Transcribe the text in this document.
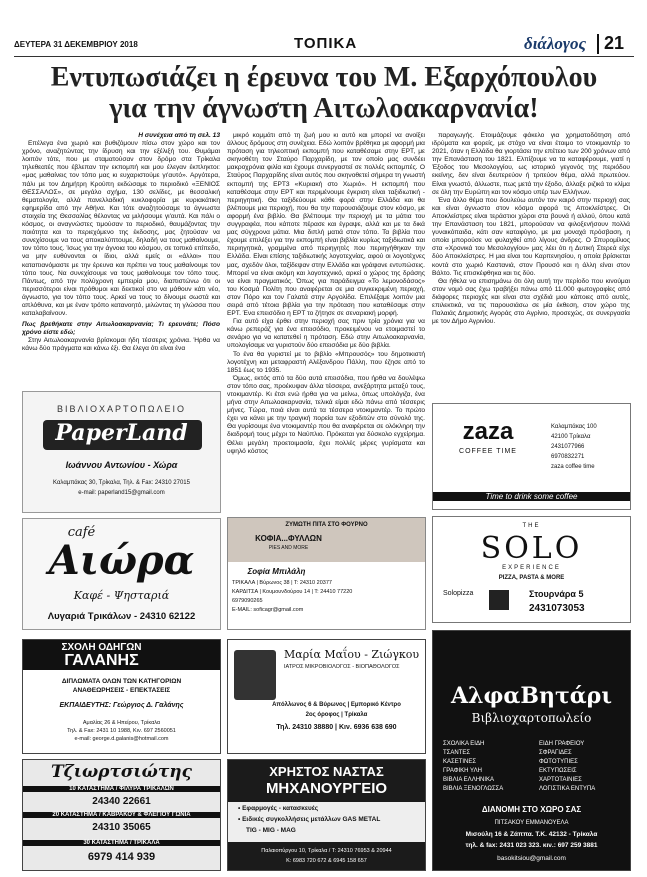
ΔΕΥΤΕΡΑ 31 ΔΕΚΕΜΒΡΙΟΥ 2018	ΤΟΠΙΚΑ	διάλογος 21
Εντυπωσιάζει η έρευνα του Μ. Εξαρχόπουλου
για την άγνωστη Αιτωλοακαρνανία!

Η συνέχεια από τη σελ. 13

Επέλεγα ένα χωριό και βυθιζόμουν πίσω στον χώρο και τον χρόνο, αναζητώντας την ίδρυση και την εξέλιξή του. Θυμάμαι λοιπόν τότε, που με σταματούσαν στον δρόμο στα Τρίκαλα τηλεθεατές που έβλεπαν την εκπομπή και μου έλεγαν έκπληκτοι: «μας μαθαίνεις τον τόπο μας κι ευχαριστούμε γι'αυτό». Αργότερα, πάλι με τον Δημήτρη Κρούπη εκδώσαμε το περιοδικό «ΞΕΝΙΟΣ ΘΕΣΣΑΛΟΣ», σε μεγάλο σχήμα, 130 σελίδες, με θεσσαλική θεματολογία, αλλά πανελλαδική κυκλοφορία με κυριακάτικη εφημερίδα από την Αθήνα. Και τότε αναζητούσαμε τα άγνωστα στοιχεία της Θεσσαλίας θέλοντας να μιλήσουμε γι'αυτά. Και πάλι ο κόσμος, οι αναγνώστες τιμούσαν το περιοδικό, θαυμάζοντας την ποιότητα και το περιεχόμενο της έκδοσης, μας ζητούσαν να συνεχίσουμε να τους αποκαλύπτουμε, δηλαδή να τους μαθαίνουμε, τον τόπο τους. Ίσως για την άγνοια του κόσμου, σε τοπικό επίπεδο, να μην ευθύνονται οι ίδιοι, αλλά εμείς οι «άλλοι» που καταπιανόμαστε με την έρευνα και πρέπει να τους μαθαίνουμε τον τόπο τους. Να συνεχίσουμε να τους μαθαίνουμε τον τόπο τους. Πάντως, από την πολύχρονη εμπειρία μου, διαπιστώνω ότι οι περισσότεροι είναι πρόθυμοι και δεκτικοί στο να μάθουν κάτι νέο, άγνωστο, για τον τόπο τους. Αρκεί να τους το δίνουμε σωστά και απλόθυνα, και με έναν τρόπο κατανοητό, μιλώντας τη γλώσσα που καταλαβαίνουν.

Πως βρεθήκατε στην Αιτωλοακαρνανία; Τι ερευνάτε; Πόσο χρόνο είστε εδώ;

Στην Αιτωλοακαρνανία βρίσκομαι ήδη τέσσερις χρόνια. Ήρθα να κάνω δύο πράγματα και κάνω έξι. Θα έλεγα ότι είναι ένα

μικρό κομμάτι από τη ζωή μου κι αυτό και μπορεί να ανοίξει άλλους δρόμους στη συνέχεια. Εδώ λοιπόν βρέθηκα με αφορμή μια πρόταση για τηλεοπτική εκπομπή που καταθέσαμε στην ΕΡΤ, με σκηνοθέτη τον Σταύρο Παρχαρίδη, με τον οποίο μας συνδέει μακροχρόνια φιλία και έχουμε συνεργαστεί σε πολλές εκπομπές. Ο Σταύρος Παρχαρίδης είναι αυτός που σκηνοθετεί σήμερα τη γνωστή εκπομπή της ΕΡΤ3 «Κυριακή στο Χωριό». Η εκπομπή που καταθέσαμε στην ΕΡΤ και περιμένουμε έγκριση είναι ταξιδιωτική - περιηγητική. Θα ταξιδεύουμε κάθε φορά στην Ελλάδα και θα βλέπουμε μια περιοχή, που θα την παρουσιάζουμε στον κόσμο, με αφορμή ένα βιβλίο. Θα βλέπουμε την περιοχή με τα μάτια του συγγραφέα, που κάποτε πέρασε και έγραψε, αλλά και με τα δικά μας σύγχρονα μάτια. Μια διπλή ματιά στον τόπο. Τα βιβλία που έχουμε επιλέξει για την εκπομπή είναι βιβλία κυρίως ταξιδιωτικά και περιηγητικά, γραμμένα από περιηγητές που περιηγήθηκαν την Ελλάδα. Είναι επίσης ταξιδιωτικής λογοτεχνίας, αφού οι λογοτέχνες μας, σχεδόν όλοι, ταξίδεψαν στην Ελλάδα και γράψανε εντυπώσεις. Μπορεί να είναι ακόμη και λογοτεχνικό, αρκεί ο χώρος της δράσης να είναι πραγματικός. Όπως για παράδειγμα «Το λεμονοδάσος» του Κοσμά Πολίτη που αναφέρεται σε μια συγκεκριμένη περιοχή, στον Πόρο και τον Γαλατά στην Αργολίδα. Επιλέξαμε λοιπόν μια σειρά από τέτοια βιβλία για την πρόταση που καταθέσαμε στην ΕΡΤ. Ένα επεισόδιο η ΕΡΤ το ζήτησε σε σεναριακή μορφή.

Για αυτό είχα έρθει στην περιοχή σας πριν τρία χρόνια για να κάνω ρεπεράζ για ένα επεισόδιο, προκειμένου να ετοιμαστεί το σενάριο για να κατατεθεί η πρόταση. Εδώ στην Αιτωλοακαρνανία, υπολογίσαμε να γυριστούν δύο επεισόδια με δύο βιβλία.

Το ένα θα γυριστεί με το βιβλίο «Μπρουσός» του δημοτικιστή λογοτέχνη και μεταφραστή Αλέξανδρου Πάλλη, που έζησε από το 1851 έως το 1935.

Όμως, εκτός από τα δύο αυτά επεισόδια, που ήρθα να δουλέψω στον τόπο σας, προέκυψαν άλλα τέσσερα, ανεξάρτητα μεταξύ τους, ντοκιμαντέρ. Κι έτσι ενώ ήρθα για να μείνω, όπως υπολόγιζα, ένα μήνα στην Αιτωλοακαρνανία, τελικά είμαι εδώ πάνω από τέσσερις μήνες. Τώρα, ποιά είναι αυτά τα τέσσερα ντοκιμαντέρ. Το πρώτο έχει να κάνει με την τραγική πορεία των εξοδιτών στο σύνολό της. Θα γυρίσουμε ένα ντοκιμαντέρ που θα αναφέρεται σε ολόκληρη την διαδρομή τους μέχρι το Ναύπλιο. Πρόκειται για δύσκολο εγχείρημα. Θέλει μεγάλη προετοιμασία, έχει πολλές μέρες γυρίσματα και υψηλό κόστος

παραγωγής. Ετοιμάζουμε φάκελο για χρηματοδότηση από ιδρύματα και φορείς, με στόχο να είναι έτοιμο το ντοκιμαντέρ το 2021, όταν η Ελλάδα θα γιορτάσει την επέτειο των 200 χρόνων από την Επανάσταση του 1821. Ελπίζουμε να τα καταφέρουμε, γιατί η Έξοδος του Μεσολογγίου, ως ιστορικό γεγονός της περιόδου εκείνης, δεν είναι δευτερεύον ή τριτεύον θέμα, αλλά πρωτεύον. Είναι γνωστό, άλλωστε, πως μετά την έξοδο, άλλαξε ριζικά το κλίμα σε όλη την Ευρώπη και τον κόσμο υπέρ των Ελλήνων.

Ένα άλλο θέμα που δουλεύω αυτόν τον καιρό στην περιοχή σας και είναι άγνωστο στον κόσμο αφορά τις Αποκλείστρες. Οι Αποκλείστρες είναι τεράστιοι χώροι στα βουνά ή αλλού, όπου κατά την Επανάσταση του 1821, μπορούσαν να φιλοξενήσουν πολλά γυναικόπαιδα, κάτι σαν καταφύγιο, με μια μοναχά πρόσβαση, η οποία μπορούσε να φυλαχθεί από λίγους άνδρες. Ο Σπυρομίλιος στα «Χρονικά του Μεσολογγίου» μας λέει ότι η Δυτική Στερεά είχε δύο Αποκλείστρες. Η μια είναι του Καρπενησίου, η οποία βρίσκεται κοντά στο χωριό Καστανιά, στον Προυσό και η άλλη είναι στον Βάλτο. Τις επισκέφθηκα και τις δύο.

Θα ήθελα να επισημάνω ότι όλη αυτή την περίοδο που κινούμαι στον νομό σας έχω τραβήξει πάνω από 11.000 φωτογραφίες από διάφορες περιοχές και είναι στα σχέδιά μου κάποιες από αυτές, επιλεκτικά, να τις παρουσιάσω σε μία έκθεση, στον χώρο της Παλαιάς Δημοτικής Αγοράς στο Αγρίνιο, προσεχώς, σε συνεργασία με τον Δήμο Αγρινίου.

ΒΙΒΛΙΟΧΑΡΤΟΠΩΛΕΙΟ
PaperLand
Ιωάννου Αντωνίου - Χώρα
Καλαμπάκας 30, Τρίκαλα, Τηλ. & Fax: 24310 27015
e-mail: paperland15@gmail.com
café
Αιώρα
Καφέ - Ψησταριά
Λυγαριά Τρικάλων - 24310 62122
ΣΧΟΛΗ ΟΔΗΓΩΝ
ΓΑΛΑΝΗΣ
ΔΙΠΛΩΜΑΤΑ ΟΛΩΝ ΤΩΝ ΚΑΤΗΓΟΡΙΩΝ
ΑΝΑΘΕΩΡΗΣΕΙΣ - ΕΠΕΚΤΑΣΕΙΣ
ΕΚΠΑΙΔΕΥΤΗΣ: Γεώργιος Δ. Γαλάνης
Αμαλίας 26 & Ηπείρου, Τρίκαλα
Τηλ. & Fax: 2431 10 1988, Κιν. 697 2560051
e-mail: george.d.galanis@hotmail.com
Τζιωρτσιώτης
10 ΚΑΤΑΣΤΗΜΑ / ΦΙΛΥΡΑ ΤΡΙΚΑΛΩΝ
24340 22661
20 ΚΑΤΑΣΤΗΜΑ / ΚΑΒΡΑΚΟΥ & ΦΛΕΓΙΟΥ ΓΩΝΙΑ
24310 35065
30 ΚΑΤΑΣΤΗΜΑ / ΤΡΙΚΑΛΑ
6979 414 939
ΖΥΜΩΤΗ ΠΙΤΑ ΣΤΟ ΦΟΥΡΝΟ
ΚΟΦΙΑ...ΦΥΛΛΩΝ
PIES AND MORE
Σοφία Μπιλάλη
ΤΡΙΚΑΛΑ | Βύρωνος 38 | Τ: 24310 20377
ΚΑΡΔΙΤΣΑ | Κουμουνδούρου 14 | Τ: 24410 77220
6979090265
E-MAIL: soficagr@gmail.com
Μαρία Μαΐου - Ζιώγκου
ΙΑΤΡΟΣ ΜΙΚΡΟΒΙΟΛΟΓΟΣ - ΒΙΟΠΑΘΟΛΟΓΟΣ
Απόλλωνος 6 & Βύρωνος | Εμπορικό Κέντρο
2ος όροφος | Τρίκαλα
Τηλ. 24310 38880 | Κιν. 6936 638 690
ΧΡΗΣΤΟΣ ΝΑΣΤΑΣ
ΜΗΧΑΝΟΥΡΓΕΙΟ
• Εφαρμογές - κατασκευές
• Ειδικές συγκολλήσεις μετάλλων GAS METAL
TIG - MIG - MAG
Παλαιοπύργου 10, Τρίκαλα / Τ: 24310 76953 & 20944
Κ: 6983 720 672 & 6945 158 657
zaza
COFFEE TIME
Καλαμπάκας 100
42100 Τρίκαλα
2431077966
6970832271
zaza coffee time
Time to drink some coffee
THE
SOLO
EXPERIENCE
PIZZA, PASTA & MORE
Solopizza	Στουρνάρα 5
2431073053
ΑλφαΒητάρι
Βιβλιοχαρτοπωλείο
ΣΧΟΛΙΚΑ ΕΙΔΗ
ΤΣΑΝΤΕΣ
ΚΑΣΕΤΙΝΕΣ
ΓΡΑΦΙΚΗ ΥΛΗ
ΒΙΒΛΙΑ ΕΛΛΗΝΙΚΑ
ΒΙΒΛΙΑ ΞΕΝΟΓΛΩΣΣΑ
ΕΙΔΗ ΓΡΑΦΕΙΟΥ
ΣΦΡΑΓΙΔΕΣ
ΦΩΤΟΤΥΠΙΕΣ
ΕΚΤΥΠΩΣΕΙΣ
ΧΑΡΤΟΤΑΙΝΙΕΣ
ΛΟΓΙΣΤΙΚΑ ΕΝΤΥΠΑ
ΔΙΑΝΟΜΗ ΣΤΟ ΧΩΡΟ ΣΑΣ
ΠΙΤΣΑΚΟΥ ΕΜΜΑΝΟΥΕΛΑ
Μισούλη 16 & Ζάππα. Τ.Κ. 42132 - Τρίκαλα
τηλ. & fax: 2431 023 323. κιν.: 697 259 3881
basokitsiou@gmail.com
